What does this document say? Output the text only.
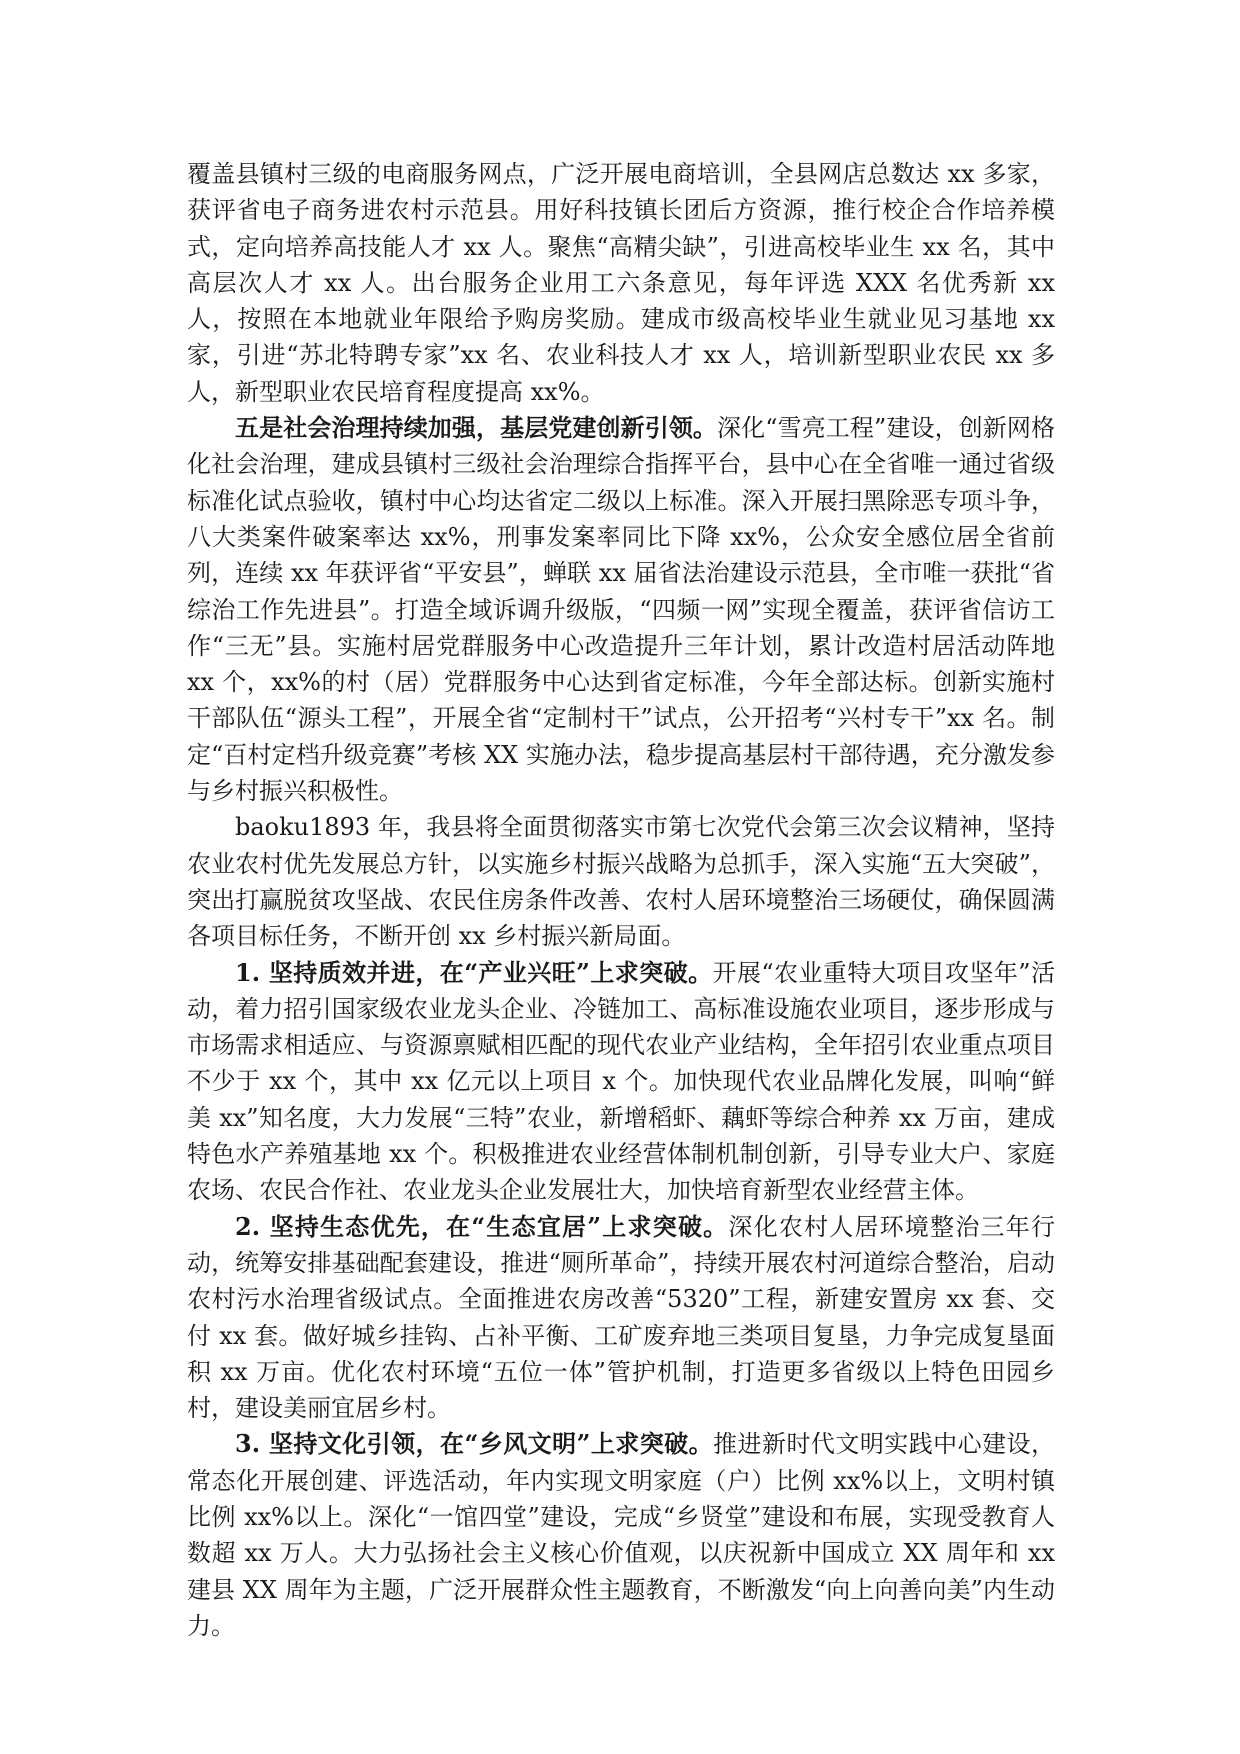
覆盖县镇村三级的电商服务网点，广泛开展电商培训，全县网店总数达 xx 多家，获评省电子商务进农村示范县。用好科技镇长团后方资源，推行校企合作培养模式，定向培养高技能人才 xx 人。聚焦“高精尖缺”，引进高校毕业生 xx 名，其中高层次人才 xx 人。出台服务企业用工六条意见，每年评选 XXX 名优秀新 xx 人，按照在本地就业年限给予购房奖励。建成市级高校毕业生就业见习基地 xx 家，引进“苏北特聘专家”xx 名、农业科技人才 xx 人，培训新型职业农民 xx 多人，新型职业农民培育程度提高 xx%。

五是社会治理持续加强，基层党建创新引领。深化“雪亮工程”建设，创新网格化社会治理，建成县镇村三级社会治理综合指挥平台，县中心在全省唯一通过省级标准化试点验收，镇村中心均达省定二级以上标准。深入开展扫黑除恶专项斗争，八大类案件破案率达 xx%，刑事发案率同比下降 xx%，公众安全感位居全省前列，连续 xx 年获评省“平安县”，蝉联 xx 届省法治建设示范县，全市唯一获批“省综治工作先进县”。打造全域诉调升级版，“四频一网”实现全覆盖，获评省信访工作“三无”县。实施村居党群服务中心改造提升三年计划，累计改造村居活动阵地 xx 个，xx%的村（居）党群服务中心达到省定标准，今年全部达标。创新实施村干部队伍“源头工程”，开展全省“定制村干”试点，公开招考“兴村专干”xx 名。制定“百村定档升级竞赛”考核 XX 实施办法，稳步提高基层村干部待遇，充分激发参与乡村振兴积极性。

baoku1893 年，我县将全面贯彻落实市第七次党代会第三次会议精神，坚持农业农村优先发展总方针，以实施乡村振兴战略为总抓手，深入实施“五大突破”，突出打赢脱贫攻坚战、农民住房条件改善、农村人居环境整治三场硬仗，确保圆满各项目标任务，不断开创 xx 乡村振兴新局面。

1. 坚持质效并进，在“产业兴旺”上求突破。开展“农业重特大项目攻坚年”活动，着力招引国家级农业龙头企业、冷链加工、高标准设施农业项目，逐步形成与市场需求相适应、与资源禀赋相匹配的现代农业产业结构，全年招引农业重点项目不少于 xx 个，其中 xx 亿元以上项目 x 个。加快现代农业品牌化发展，叫响“鲜美 xx”知名度，大力发展“三特”农业，新增稻虾、藕虾等综合种养 xx 万亩，建成特色水产养殖基地 xx 个。积极推进农业经营体制机制创新，引导专业大户、家庭农场、农民合作社、农业龙头企业发展壮大，加快培育新型农业经营主体。

2. 坚持生态优先，在“生态宜居”上求突破。深化农村人居环境整治三年行动，统筹安排基础配套建设，推进“厕所革命”，持续开展农村河道综合整治，启动农村污水治理省级试点。全面推进农房改善“5320”工程，新建安置房 xx 套、交付 xx 套。做好城乡挂钩、占补平衡、工矿废弃地三类项目复垦，力争完成复垦面积 xx 万亩。优化农村环境“五位一体”管护机制，打造更多省级以上特色田园乡村，建设美丽宜居乡村。

3. 坚持文化引领，在“乡风文明”上求突破。推进新时代文明实践中心建设，常态化开展创建、评选活动，年内实现文明家庭（户）比例 xx%以上，文明村镇比例 xx%以上。深化“一馆四堂”建设，完成“乡贤堂”建设和布展，实现受教育人数超 xx 万人。大力弘扬社会主义核心价值观，以庆祝新中国成立 XX 周年和 xx 建县 XX 周年为主题，广泛开展群众性主题教育，不断激发“向上向善向美”内生动力。
